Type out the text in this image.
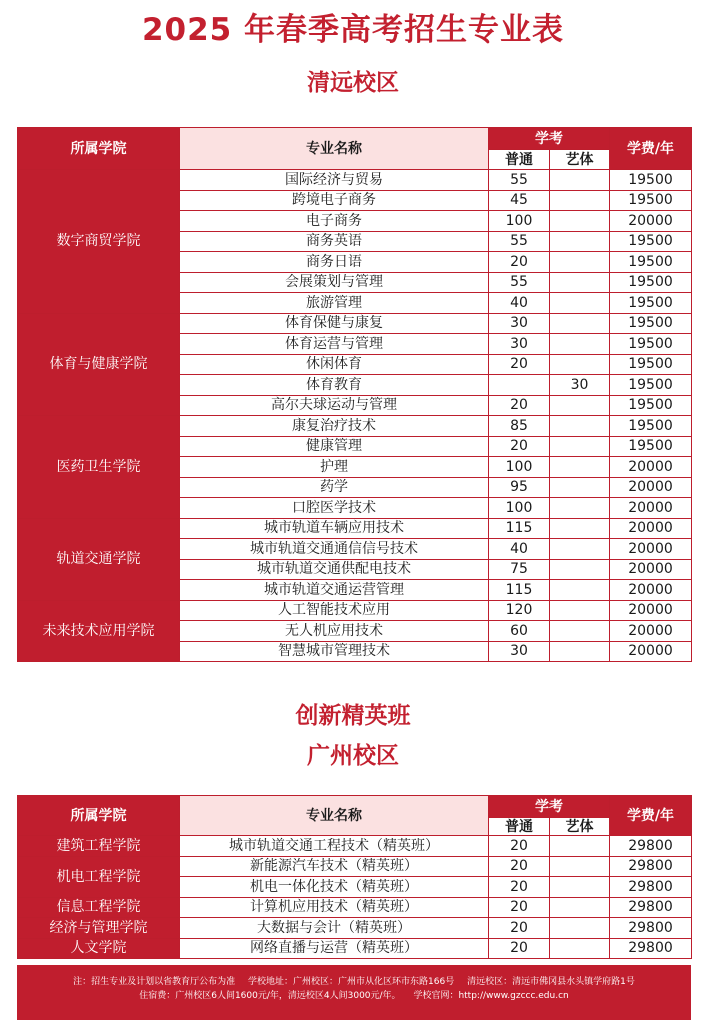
2025 年春季高考招生专业表
清远校区
所属学院	专业名称	学考		学费/年
		普通	艺体	
数字商贸学院	国际经济与贸易	55		19500
	跨境电子商务	45		19500
	电子商务	100		20000
	商务英语	55		19500
	商务日语	20		19500
	会展策划与管理	55		19500
	旅游管理	40		19500
体育与健康学院	体育保健与康复	30		19500
	体育运营与管理	30		19500
	休闲体育	20		19500
	体育教育		30	19500
	高尔夫球运动与管理	20		19500
医药卫生学院	康复治疗技术	85		19500
	健康管理	20		19500
	护理	100		20000
	药学	95		20000
	口腔医学技术	100		20000
轨道交通学院	城市轨道车辆应用技术	115		20000
	城市轨道交通通信信号技术	40		20000
	城市轨道交通供配电技术	75		20000
	城市轨道交通运营管理	115		20000
未来技术应用学院	人工智能技术应用	120		20000
	无人机应用技术	60		20000
	智慧城市管理技术	30		20000
创新精英班
广州校区
所属学院	专业名称	学考		学费/年
		普通	艺体	
建筑工程学院	城市轨道交通工程技术（精英班）	20		29800
机电工程学院	新能源汽车技术（精英班）	20		29800
	机电一体化技术（精英班）	20		29800
信息工程学院	计算机应用技术（精英班）	20		29800
经济与管理学院	大数据与会计（精英班）	20		29800
人文学院	网络直播与运营（精英班）	20		29800
注：招生专业及计划以省教育厅公布为准 学校地址：广州校区：广州市从化区环市东路166号 清远校区：清远市佛冈县水头镇学府路1号
住宿费：广州校区6人间1600元/年，清远校区4人间3000元/年。 学校官网：http://www.gzccc.edu.cn
